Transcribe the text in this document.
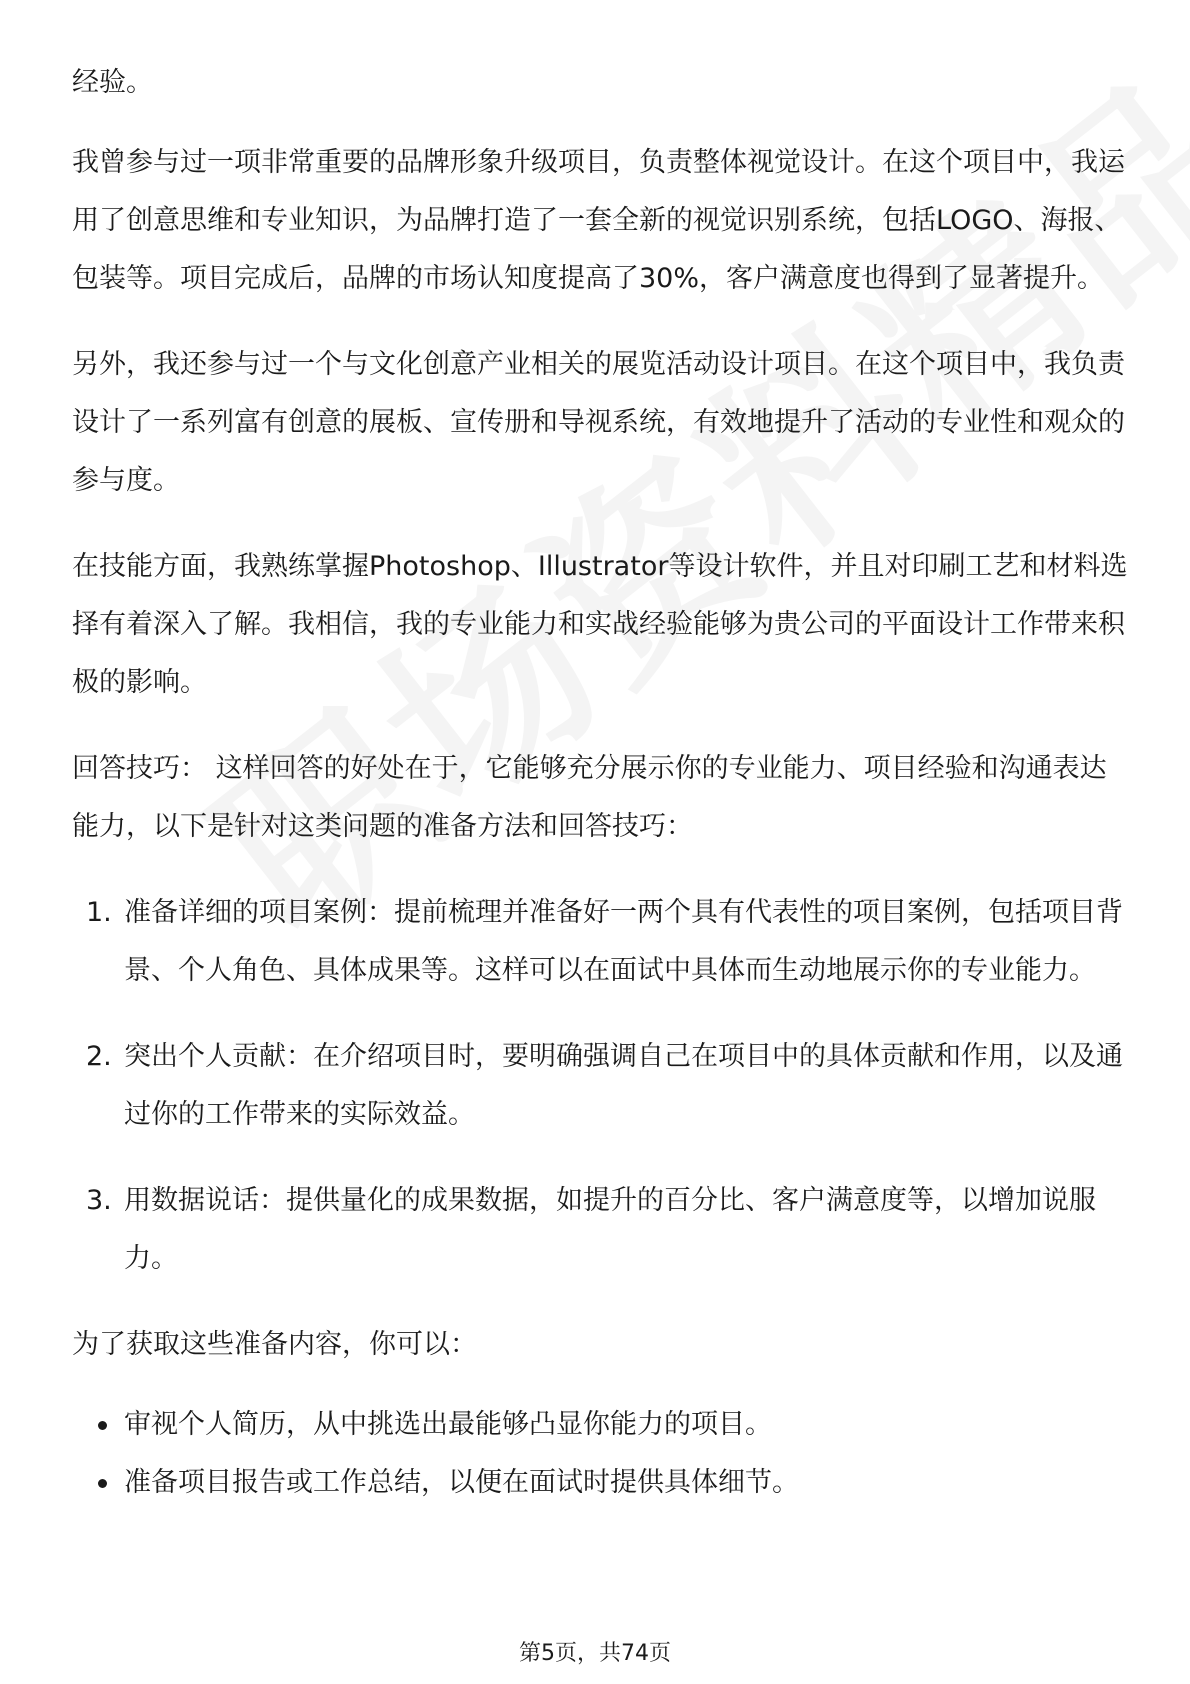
经验。

我曾参与过一项非常重要的品牌形象升级项目，负责整体视觉设计。在这个项目中，我运用了创意思维和专业知识，为品牌打造了一套全新的视觉识别系统，包括LOGO、海报、包装等。项目完成后，品牌的市场认知度提高了30%，客户满意度也得到了显著提升。

另外，我还参与过一个与文化创意产业相关的展览活动设计项目。在这个项目中，我负责设计了一系列富有创意的展板、宣传册和导视系统，有效地提升了活动的专业性和观众的参与度。

在技能方面，我熟练掌握Photoshop、Illustrator等设计软件，并且对印刷工艺和材料选择有着深入了解。我相信，我的专业能力和实战经验能够为贵公司的平面设计工作带来积极的影响。

回答技巧： 这样回答的好处在于，它能够充分展示你的专业能力、项目经验和沟通表达能力，以下是针对这类问题的准备方法和回答技巧：

1. 准备详细的项目案例：提前梳理并准备好一两个具有代表性的项目案例，包括项目背景、个人角色、具体成果等。这样可以在面试中具体而生动地展示你的专业能力。
2. 突出个人贡献：在介绍项目时，要明确强调自己在项目中的具体贡献和作用，以及通过你的工作带来的实际效益。
3. 用数据说话：提供量化的成果数据，如提升的百分比、客户满意度等，以增加说服力。

为了获取这些准备内容，你可以：

审视个人简历，从中挑选出最能够凸显你能力的项目。
准备项目报告或工作总结，以便在面试时提供具体细节。
第5页，共74页
